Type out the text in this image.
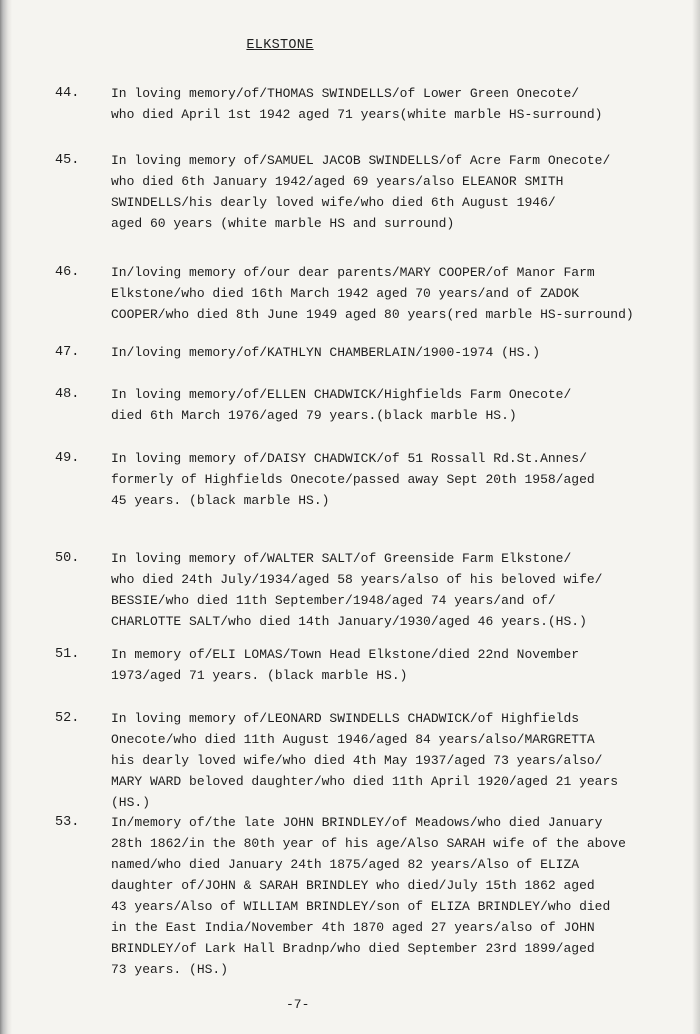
ELKSTONE
44.	In loving memory/of/THOMAS SWINDELLS/of Lower Green Onecote/
who died April 1st 1942 aged 71 years(white marble HS-surround)
45.	In loving memory of/SAMUEL JACOB SWINDELLS/of Acre Farm Onecote/
who died 6th January 1942/aged 69 years/also ELEANOR SMITH
SWINDELLS/his dearly loved wife/who died 6th August 1946/
aged 60 years (white marble HS and surround)
46.	In/loving memory of/our dear parents/MARY COOPER/of Manor Farm
Elkstone/who died 16th March 1942 aged 70 years/and of ZADOK
COOPER/who died 8th June 1949 aged 80 years(red marble HS-surround)
47.	In/loving memory/of/KATHLYN CHAMBERLAIN/1900-1974 (HS.)
48.	In loving memory/of/ELLEN CHADWICK/Highfields Farm Onecote/
died 6th March 1976/aged 79 years.(black marble HS.)
49.	In loving memory of/DAISY CHADWICK/of 51 Rossall Rd.St.Annes/
formerly of Highfields Onecote/passed away Sept 20th 1958/aged
45 years. (black marble HS.)
50.	In loving memory of/WALTER SALT/of Greenside Farm Elkstone/
who died 24th July/1934/aged 58 years/also of his beloved wife/
BESSIE/who died 11th September/1948/aged 74 years/and of/
CHARLOTTE SALT/who died 14th January/1930/aged 46 years.(HS.)
51.	In memory of/ELI LOMAS/Town Head Elkstone/died 22nd November
1973/aged 71 years. (black marble HS.)
52.	In loving memory of/LEONARD SWINDELLS CHADWICK/of Highfields
Onecote/who died 11th August 1946/aged 84 years/also/MARGRETTA
his dearly loved wife/who died 4th May 1937/aged 73 years/also/
MARY WARD beloved daughter/who died 11th April 1920/aged 21 years
(HS.)
53.	In/memory of/the late JOHN BRINDLEY/of Meadows/who died January
28th 1862/in the 80th year of his age/Also SARAH wife of the above
named/who died January 24th 1875/aged 82 years/Also of ELIZA
daughter of/JOHN & SARAH BRINDLEY who died/July 15th 1862 aged
43 years/Also of WILLIAM BRINDLEY/son of ELIZA BRINDLEY/who died
in the East India/November 4th 1870 aged 27 years/also of JOHN
BRINDLEY/of Lark Hall Bradnp/who died September 23rd 1899/aged
73 years. (HS.)
-7-
